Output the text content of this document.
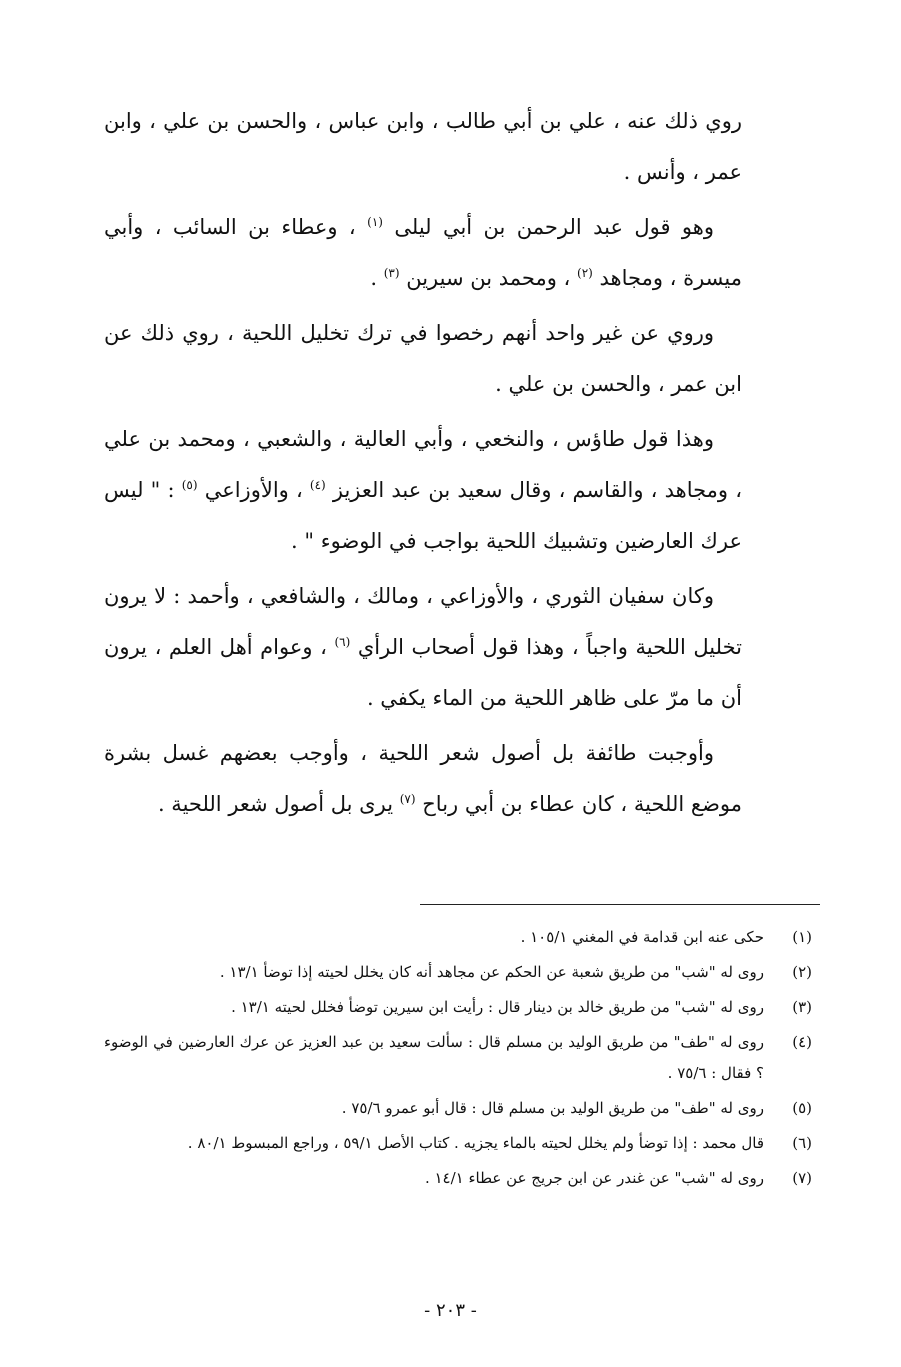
روي ذلك عنه ، علي بن أبي طالب ، وابن عباس ، والحسن بن علي ، وابن عمر ، وأنس .

وهو قول عبد الرحمن بن أبي ليلى $^{(١)}$ ، وعطاء بن السائب ، وأبي ميسرة ، ومجاهد $^{(٢)}$ ، ومحمد بن سيرين $^{(٣)}$ .

وروي عن غير واحد أنهم رخصوا في ترك تخليل اللحية ، روي ذلك عن ابن عمر ، والحسن بن علي .

وهذا قول طاؤس ، والنخعي ، وأبي العالية ، والشعبي ، ومحمد بن علي ، ومجاهد ، والقاسم ، وقال سعيد بن عبد العزيز $^{(٤)}$ ، والأوزاعي $^{(٥)}$ : " ليس عرك العارضين وتشبيك اللحية بواجب في الوضوء " .

وكان سفيان الثوري ، والأوزاعي ، ومالك ، والشافعي ، وأحمد : لا يرون تخليل اللحية واجباً ، وهذا قول أصحاب الرأي $^{(٦)}$ ، وعوام أهل العلم ، يرون أن ما مرّ على ظاهر اللحية من الماء يكفي .

وأوجبت طائفة بل أصول شعر اللحية ، وأوجب بعضهم غسل بشرة موضع اللحية ، كان عطاء بن أبي رباح $^{(٧)}$ يرى بل أصول شعر اللحية .

(١)
حكى عنه ابن قدامة في المغني ١٠٥/١ .
(٢)
روى له "شب" من طريق شعبة عن الحكم عن مجاهد أنه كان يخلل لحيته إذا توضأ ١٣/١ .
(٣)
روى له "شب" من طريق خالد بن دينار قال : رأيت ابن سيرين توضأ فخلل لحيته ١٣/١ .
(٤)
روى له "طف" من طريق الوليد بن مسلم قال : سألت سعيد بن عبد العزيز عن عرك العارضين في الوضوء ؟ فقال : ٧٥/٦ .
(٥)
روى له "طف" من طريق الوليد بن مسلم قال : قال أبو عمرو ٧٥/٦ .
(٦)
قال محمد : إذا توضأ ولم يخلل لحيته بالماء يجزيه . كتاب الأصل ٥٩/١ ، وراجع المبسوط ٨٠/١ .
(٧)
روى له "شب" عن غندر عن ابن جريج عن عطاء ١٤/١ .
- ٢٠٣ -
